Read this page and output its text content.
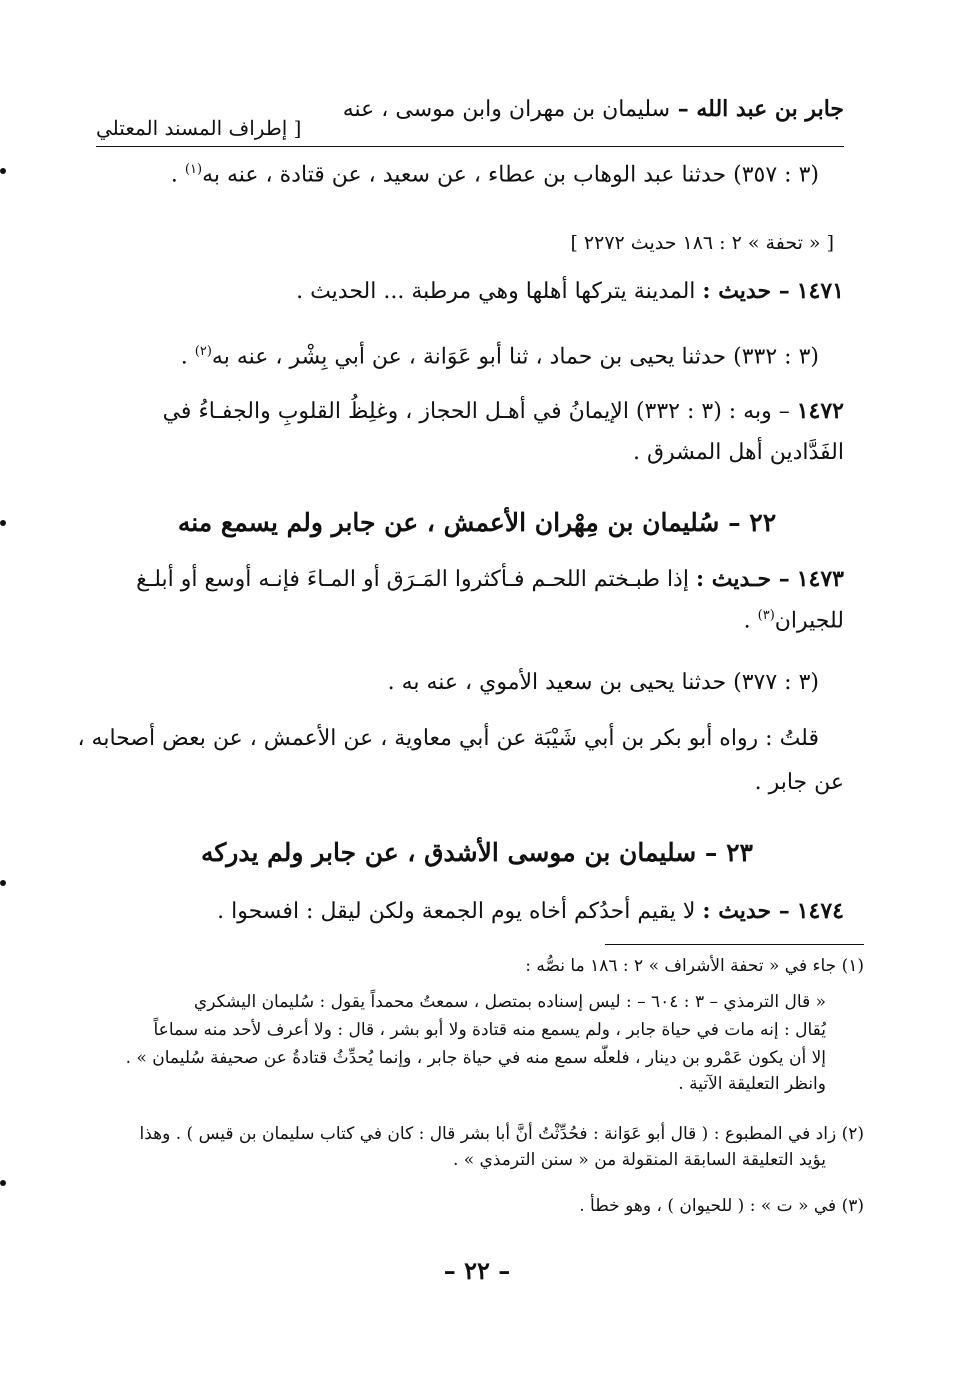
جابر بن عبد الله – سليمان بن مهران وابن موسى ، عنه
[ إطراف المسند المعتلي
(٣ : ٣٥٧) حدثنا عبد الوهاب بن عطاء ، عن سعيد ، عن قتادة ، عنه به$^{(١)}$ .
[ « تحفة » ٢ : ١٨٦ حديث ٢٢٧٢ ]
١٤٧١ – حديث : المدينة يتركها أهلها وهي مرطبة ... الحديث .
(٣ : ٣٣٢) حدثنا يحيى بن حماد ، ثنا أبو عَوَانة ، عن أبي بِشْر ، عنه به$^{(٢)}$ .
١٤٧٢ – وبه : (٣ : ٣٣٢) الإيمانُ في أهـل الحجاز ، وغلِظُ القلوبِ والجفـاءُ في
الفَدَّادين أهل المشرق .
٢٢ – سُليمان بن مِهْران الأعمش ، عن جابر ولم يسمع منه
١٤٧٣ – حـديث : إذا طبـختم اللحـم فـأكثروا المَـرَق أو المـاءَ فإنـه أوسع أو أبلـغ
للجيران$^{(٣)}$ .
(٣ : ٣٧٧) حدثنا يحيى بن سعيد الأموي ، عنه به .
قلتُ : رواه أبو بكر بن أبي شَيْبَة عن أبي معاوية ، عن الأعمش ، عن بعض أصحابه ،
عن جابر .
٢٣ – سليمان بن موسى الأشدق ، عن جابر ولم يدركه
١٤٧٤ – حديث : لا يقيم أحدُكم أخاه يوم الجمعة ولكن ليقل : افسحوا .
(١) جاء في « تحفة الأشراف » ٢ : ١٨٦ ما نصُّه :
« قال الترمذي – ٣ : ٦٠٤ – : ليس إسناده بمتصل ، سمعتُ محمداً يقول : سُليمان اليشكري
يُقال : إنه مات في حياة جابر ، ولم يسمع منه قتادة ولا أبو بشر ، قال : ولا أعرف لأحد منه سماعاً
إلا أن يكون عَمْرو بن دينار ، فلعلّه سمع منه في حياة جابر ، وإنما يُحدِّثُ قتادةُ عن صحيفة سُليمان » .
وانظر التعليقة الآتية .
(٢) زاد في المطبوع : ( قال أبو عَوَانة : فحُدِّثْتُ أنَّ أبا بشر قال : كان في كتاب سليمان بن قيس ) . وهذا
يؤيد التعليقة السابقة المنقولة من « سنن الترمذي » .
(٣) في « ت » : ( للحيوان ) ، وهو خطأ .
– ٢٢ –
